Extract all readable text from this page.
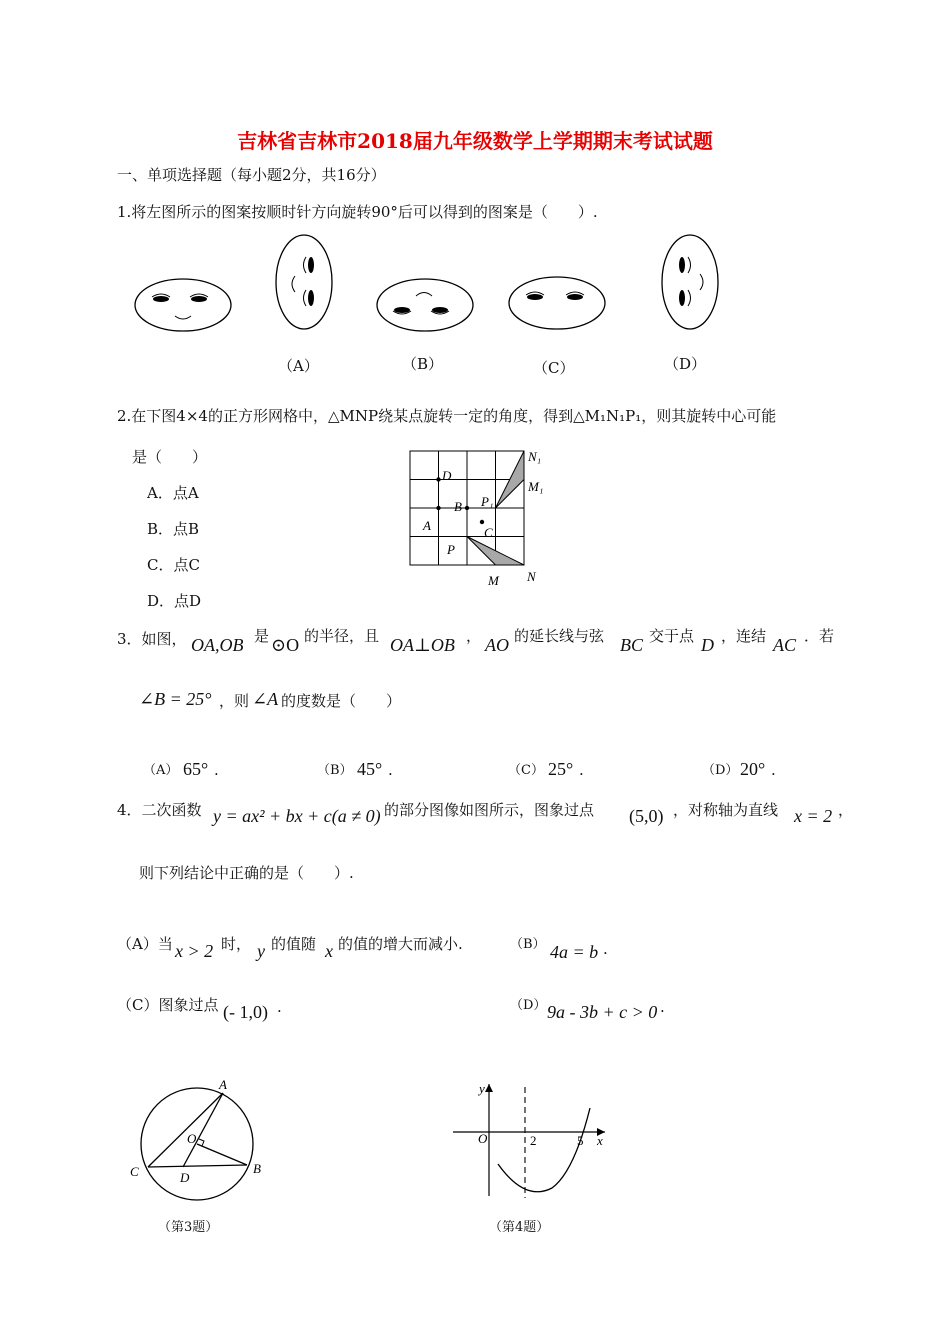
吉林省吉林市2018届九年级数学上学期期末考试试题
一、单项选择题（每小题2分，共16分）
1.将左图所示的图案按顺时针方向旋转90°后可以得到的图案是（　　）.
（A）	（B）	（C）	（D）
2.在下图4×4的正方形网格中，△MNP绕某点旋转一定的角度，得到△M₁N₁P₁，则其旋转中心可能
是（　　）
A．点A
B．点B
C．点C
D．点D
N₁
M₁
D
B P₁
A	C
P
M N
3．如图， OA,OB 是 ⊙O 的半径，且 OA⊥OB ， AO 的延长线与弦 BC 交于点 D ，连结 AC ．若
∠B = 25° ，则 ∠A 的度数是（　　）
（A） 65° .	（B） 45° .	（C） 25° .	（D） 20° .
4．二次函数 y = ax² + bx + c(a ≠ 0) 的部分图像如图所示，图象过点 (5,0) ，对称轴为直线 x = 2 ，
则下列结论中正确的是（　　）.
（A）当 x > 2 时， y 的值随 x 的值的增大而减小.	（B） 4a = b .
（C）图象过点 (- 1,0) .	（D） 9a - 3b + c > 0 .
A
O
C	D
B
（第3题）
y
O	2	5 x
（第4题）
